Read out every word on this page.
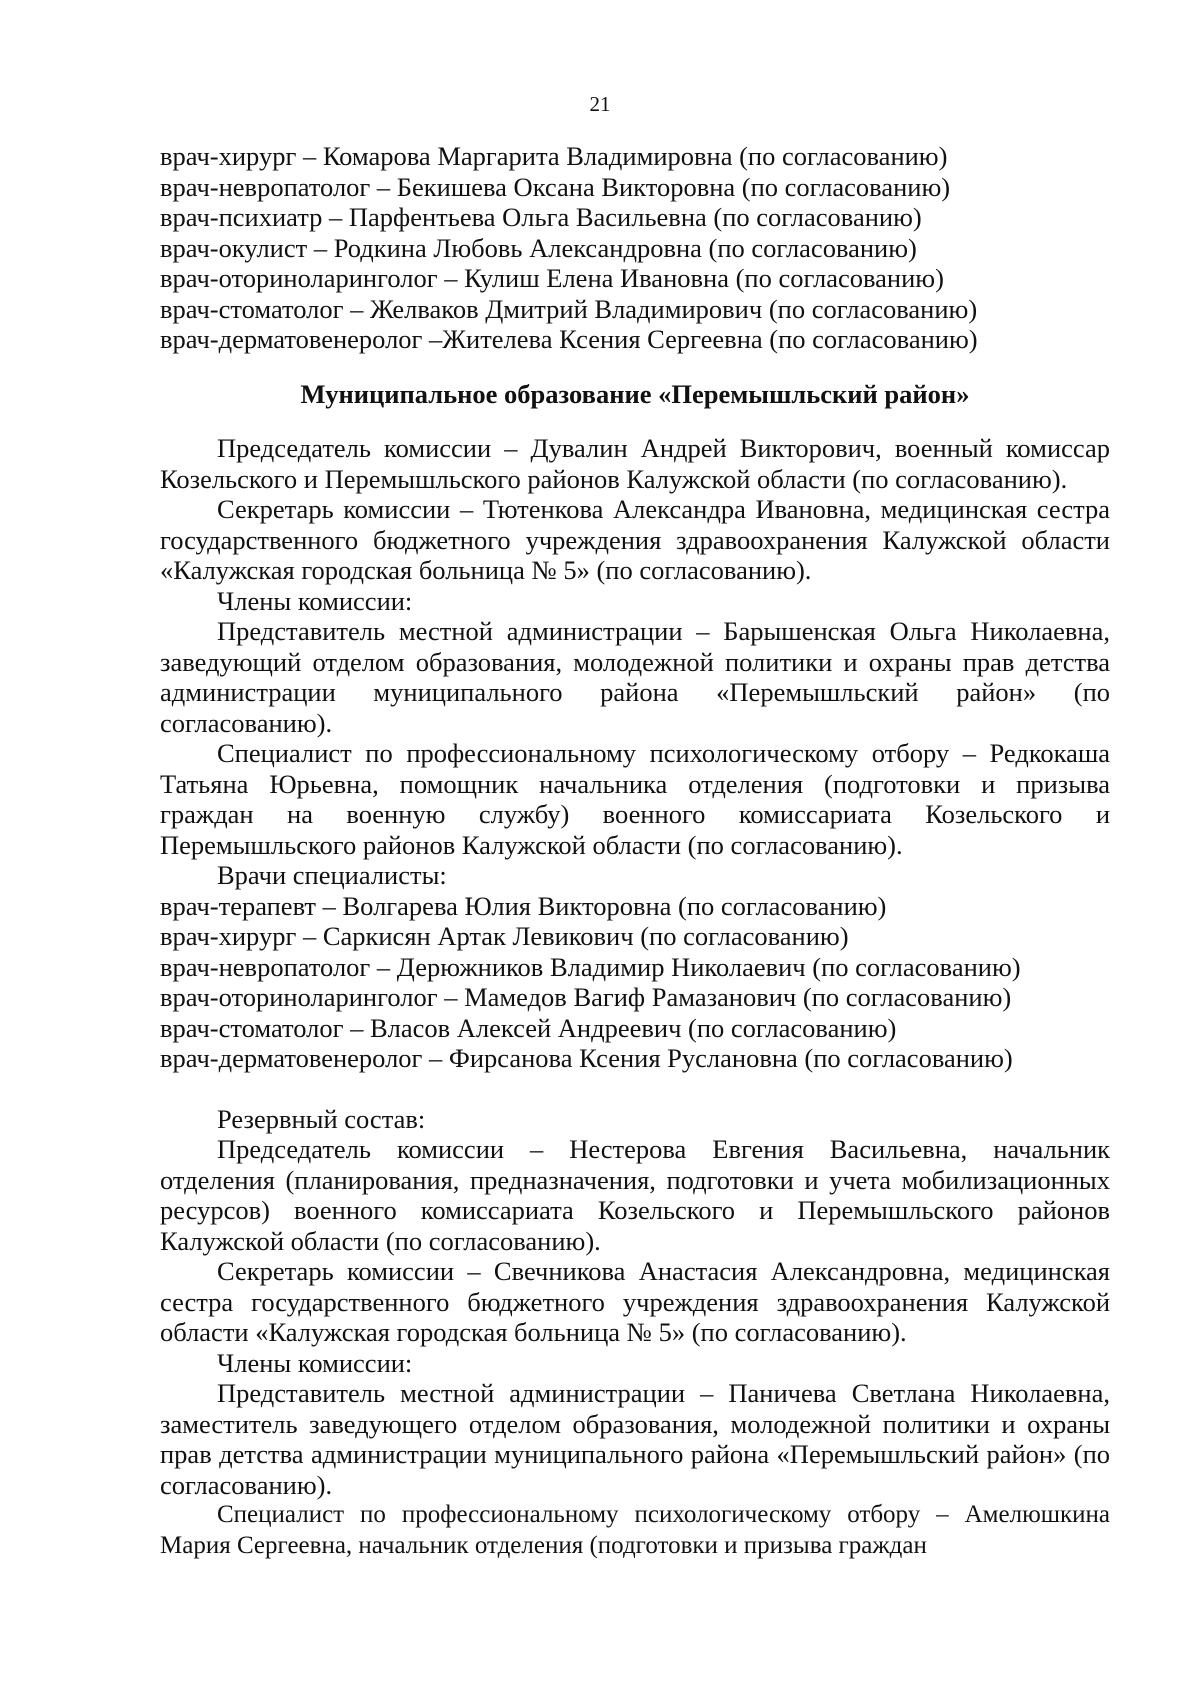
21
врач-хирург – Комарова Маргарита Владимировна (по согласованию)
врач-невропатолог – Бекишева Оксана Викторовна (по согласованию)
врач-психиатр – Парфентьева Ольга Васильевна (по согласованию)
врач-окулист – Родкина Любовь Александровна (по согласованию)
врач-оториноларинголог – Кулиш Елена Ивановна (по согласованию)
врач-стоматолог – Желваков Дмитрий Владимирович (по согласованию)
врач-дерматовенеролог –Жителева Ксения Сергеевна (по согласованию)
Муниципальное образование «Перемышльский район»
Председатель комиссии – Дувалин Андрей Викторович, военный комиссар Козельского и Перемышльского районов Калужской области (по согласованию).
Секретарь комиссии – Тютенкова Александра Ивановна, медицинская сестра государственного бюджетного учреждения здравоохранения Калужской области «Калужская городская больница № 5» (по согласованию).
Члены комиссии:
Представитель местной администрации – Барышенская Ольга Николаевна, заведующий отделом образования, молодежной политики и охраны прав детства администрации муниципального района «Перемышльский район» (по согласованию).
Специалист по профессиональному психологическому отбору – Редкокаша Татьяна Юрьевна, помощник начальника отделения (подготовки и призыва граждан на военную службу) военного комиссариата Козельского и Перемышльского районов Калужской области (по согласованию).
Врачи специалисты:
врач-терапевт – Волгарева Юлия Викторовна (по согласованию)
врач-хирург – Саркисян Артак Левикович (по согласованию)
врач-невропатолог – Дерюжников Владимир Николаевич (по согласованию)
врач-оториноларинголог – Мамедов Вагиф Рамазанович (по согласованию)
врач-стоматолог – Власов Алексей Андреевич (по согласованию)
врач-дерматовенеролог – Фирсанова Ксения Руслановна (по согласованию)
Резервный состав:
Председатель комиссии – Нестерова Евгения Васильевна, начальник отделения (планирования, предназначения, подготовки и учета мобилизационных ресурсов) военного комиссариата Козельского и Перемышльского районов Калужской области (по согласованию).
Секретарь комиссии – Свечникова Анастасия Александровна, медицинская сестра государственного бюджетного учреждения здравоохранения Калужской области «Калужская городская больница № 5» (по согласованию).
Члены комиссии:
Представитель местной администрации – Паничева Светлана Николаевна, заместитель заведующего отделом образования, молодежной политики и охраны прав детства администрации муниципального района «Перемышльский район» (по согласованию).
Специалист по профессиональному психологическому отбору – Амелюшкина Мария Сергеевна, начальник отделения (подготовки и призыва граждан
